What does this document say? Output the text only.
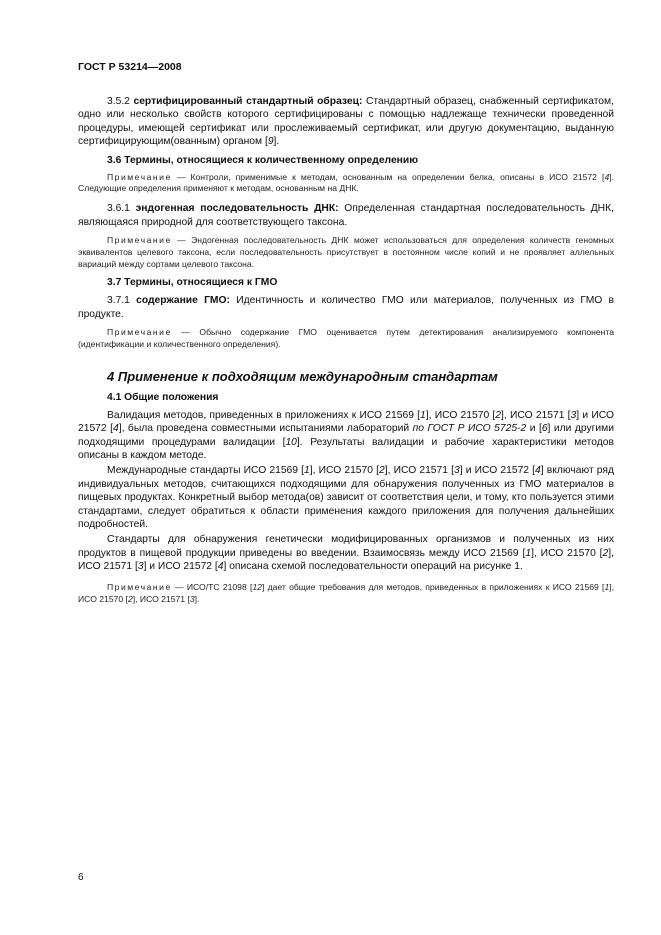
ГОСТ Р 53214—2008

3.5.2 сертифицированный стандартный образец: Стандартный образец, снабженный сертификатом, одно или несколько свойств которого сертифицированы с помощью надлежаще технически проведенной процедуры, имеющей сертификат или прослеживаемый сертификат, или другую документацию, выданную сертифицирующим(ованным) органом [9].

3.6 Термины, относящиеся к количественному определению

Примечание — Контроли, применимые к методам, основанным на определении белка, описаны в ИСО 21572 [4]. Следующие определения применяют к методам, основанным на ДНК.

3.6.1 эндогенная последовательность ДНК: Определенная стандартная последовательность ДНК, являющаяся природной для соответствующего таксона.

Примечание — Эндогенная последовательность ДНК может использоваться для определения количеств геномных эквивалентов целевого таксона, если последовательность присутствует в постоянном числе копий и не проявляет аллельных вариаций между сортами целевого таксона.

3.7 Термины, относящиеся к ГМО

3.7.1 содержание ГМО: Идентичность и количество ГМО или материалов, полученных из ГМО в продукте.

Примечание — Обычно содержание ГМО оценивается путем детектирования анализируемого компонента (идентификации и количественного определения).

4 Применение к подходящим международным стандартам
4.1 Общие положения

Валидация методов, приведенных в приложениях к ИСО 21569 [1], ИСО 21570 [2], ИСО 21571 [3] и ИСО 21572 [4], была проведена совместными испытаниями лабораторий по ГОСТ Р ИСО 5725-2 и [6] или другими подходящими процедурами валидации [10]. Результаты валидации и рабочие характеристики методов описаны в каждом методе.

Международные стандарты ИСО 21569 [1], ИСО 21570 [2], ИСО 21571 [3] и ИСО 21572 [4] включают ряд индивидуальных методов, считающихся подходящими для обнаружения полученных из ГМО материалов в пищевых продуктах. Конкретный выбор метода(ов) зависит от соответствия цели, и тому, кто пользуется этими стандартами, следует обратиться к области применения каждого приложения для получения дальнейших подробностей.

Стандарты для обнаружения генетически модифицированных организмов и полученных из них продуктов в пищевой продукции приведены во введении. Взаимосвязь между ИСО 21569 [1], ИСО 21570 [2], ИСО 21571 [3] и ИСО 21572 [4] описана схемой последовательности операций на рисунке 1.

Примечание — ИСО/ТС 21098 [12] дает общие требования для методов, приведенных в приложениях к ИСО 21569 [1], ИСО 21570 [2], ИСО 21571 [3].

6
